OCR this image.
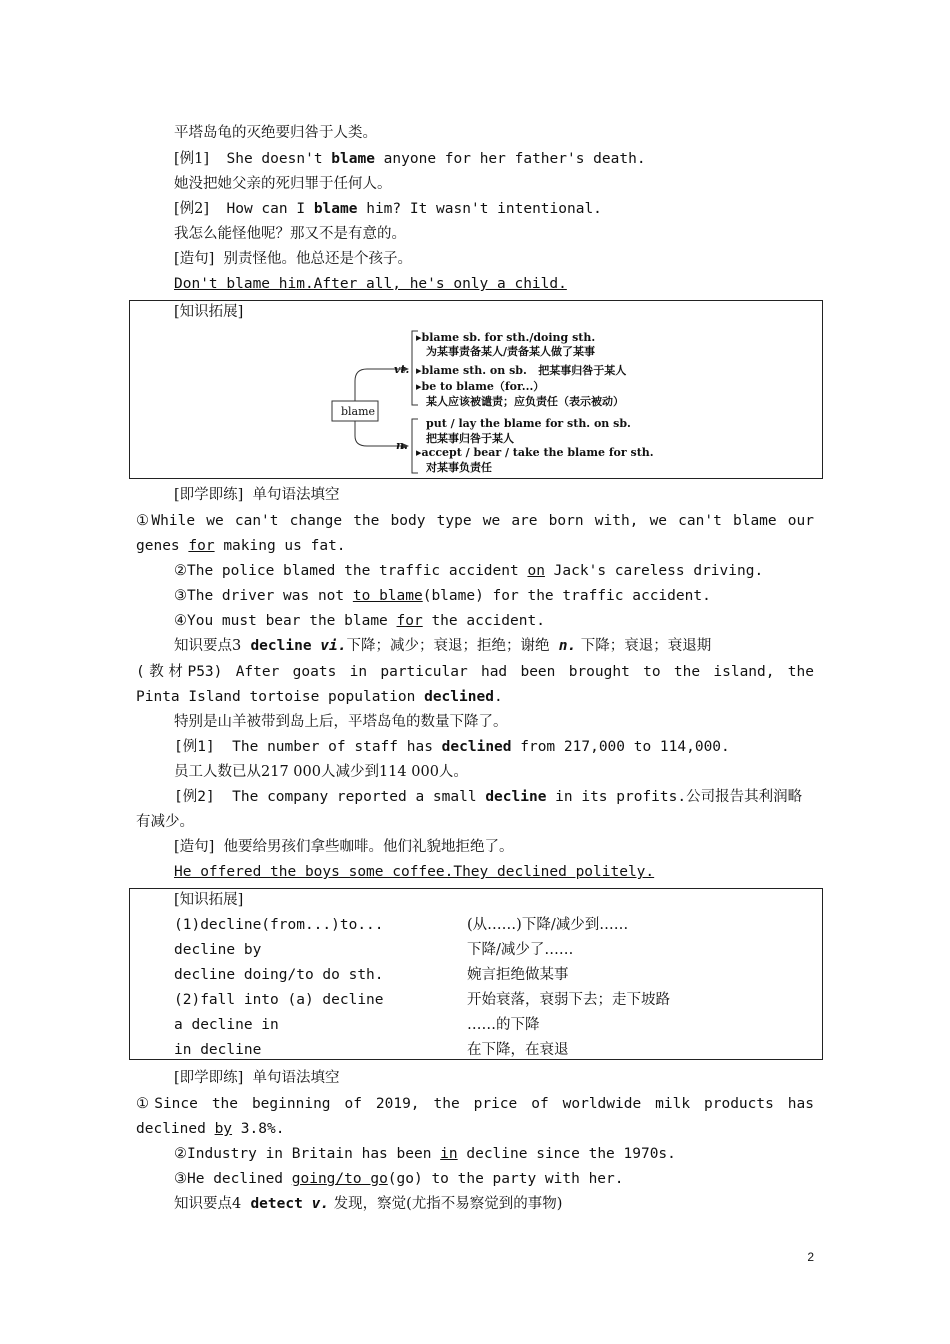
平塔岛龟的灭绝要归咎于人类。
[例1] She doesn't blame anyone for her father's death.
她没把她父亲的死归罪于任何人。
[例2] How can I blame him? It wasn't intentional.
我怎么能怪他呢？那又不是有意的。
[造句] 别责怪他。他总还是个孩子。
Don't blame him.After all, he's only a child.
[知识拓展]
blame
vt.
n.
▸blame sb. for sth./doing sth.
为某事责备某人/责备某人做了某事
▸blame sth. on sb.   把某事归咎于某人
▸be to blame（for...）
某人应该被谴责；应负责任（表示被动）
put / lay the blame for sth. on sb.
把某事归咎于某人
▸accept / bear / take the blame for sth.
对某事负责任
[即学即练]  单句语法填空
①While we can't change the body type we are born with, we can't blame our
genes for making us fat.
②The police blamed the traffic accident on Jack's careless driving.
③The driver was not to blame(blame) for the traffic accident.
④You must bear the blame for the accident.
知识要点3  decline vi.下降；减少；衰退；拒绝；谢绝  n. 下降；衰退；衰退期
(教材P53) After goats in particular had been brought to the island, the
Pinta Island tortoise population declined.
特别是山羊被带到岛上后，平塔岛龟的数量下降了。
[例1]  The number of staff has declined from 217,000 to 114,000.
员工人数已从217 000人减少到114 000人。
[例2]  The company reported a small decline in its profits.公司报告其利润略
有减少。
[造句]  他要给男孩们拿些咖啡。他们礼貌地拒绝了。
He offered the boys some coffee.They declined politely.
[知识拓展]
(1)decline(from...)to...	(从……)下降/减少到……
decline by	下降/减少了……
decline doing/to do sth.	婉言拒绝做某事
(2)fall into (a) decline	开始衰落，衰弱下去；走下坡路
a decline in	……的下降
in decline	在下降，在衰退
[即学即练]  单句语法填空
①Since the beginning of 2019, the price of worldwide milk products has
declined by 3.8%.
②Industry in Britain has been in decline since the 1970s.
③He declined going/to go(go) to the party with her.
知识要点4  detect v. 发现，察觉(尤指不易察觉到的事物)
2
